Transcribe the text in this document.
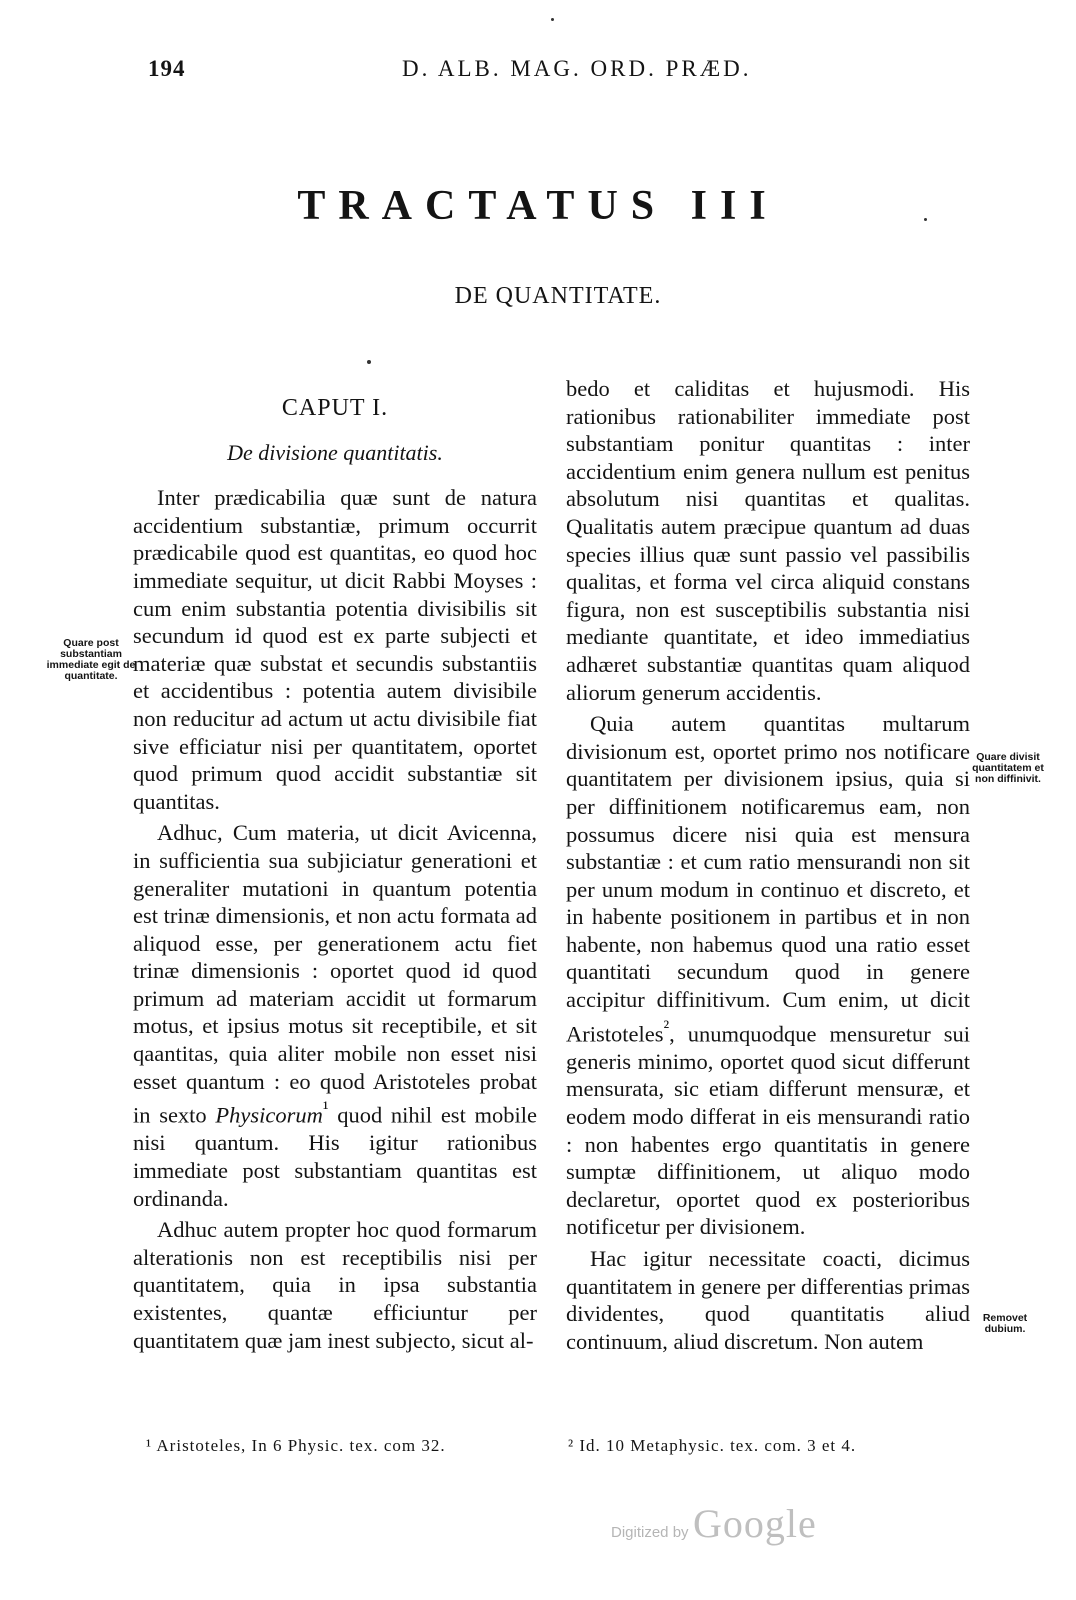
194	D. ALB. MAG. ORD. PRÆD.
TRACTATUS III
DE QUANTITATE.
CAPUT I.
De divisione quantitatis.

Inter prædicabilia quæ sunt de natura accidentium substantiæ, primum occurrit prædicabile quod est quantitas, eo quod hoc immediate sequitur, ut dicit Rabbi Moyses : cum enim substantia potentia divisibilis sit secundum id quod est ex parte subjecti et materiæ quæ substat et secundis substantiis et accidentibus : potentia autem divisibile non reducitur ad actum ut actu divisibile fiat sive efficiatur nisi per quantitatem, oportet quod primum quod accidit substantiæ sit quantitas.

Adhuc, Cum materia, ut dicit Avicenna, in sufficientia sua subjiciatur generationi et generaliter mutationi in quantum potentia est trinæ dimensionis, et non actu formata ad aliquod esse, per generationem actu fiet trinæ dimensionis : oportet quod id quod primum ad materiam accidit ut formarum motus, et ipsius motus sit receptibile, et sit qaantitas, quia aliter mobile non esset nisi esset quantum : eo quod Aristoteles probat in sexto Physicorum$^{^1}$ quod nihil est mobile nisi quantum. His igitur rationibus immediate post substantiam quantitas est ordinanda.

Adhuc autem propter hoc quod formarum alterationis non est receptibilis nisi per quantitatem, quia in ipsa substantia existentes, quantæ efficiuntur per quantitatem quæ jam inest subjecto, sicut al-

bedo et caliditas et hujusmodi. His rationibus rationabiliter immediate post substantiam ponitur quantitas : inter accidentium enim genera nullum est penitus absolutum nisi quantitas et qualitas. Qualitatis autem præcipue quantum ad duas species illius quæ sunt passio vel passibilis qualitas, et forma vel circa aliquid constans figura, non est susceptibilis substantia nisi mediante quantitate, et ideo immediatius adhæret substantiæ quantitas quam aliquod aliorum generum accidentis.

Quia autem quantitas multarum divisionum est, oportet primo nos notificare quantitatem per divisionem ipsius, quia si per diffinitionem notificaremus eam, non possumus dicere nisi quia est mensura substantiæ : et cum ratio mensurandi non sit per unum modum in continuo et discreto, et in habente positionem in partibus et in non habente, non habemus quod una ratio esset quantitati secundum quod in genere accipitur diffinitivum. Cum enim, ut dicit Aristoteles$^{^2}$, unumquodque mensuretur sui generis minimo, oportet quod sicut differunt mensurata, sic etiam differunt mensuræ, et eodem modo differat in eis mensurandi ratio : non habentes ergo quantitatis in genere sumptæ diffinitionem, ut aliquo modo declaretur, oportet quod ex posterioribus notificetur per divisionem.

Hac igitur necessitate coacti, dicimus quantitatem in genere per differentias primas dividentes, quod quantitatis aliud continuum, aliud discretum. Non autem

Quare post substantiam immediate egit de quantitate.
Quare divisit quantitatem et non diffinivit.
Removet dubium.
¹ Aristoteles, In 6 Physic. tex. com 32.	² Id. 10 Metaphysic. tex. com. 3 et 4.
Digitized by Google
